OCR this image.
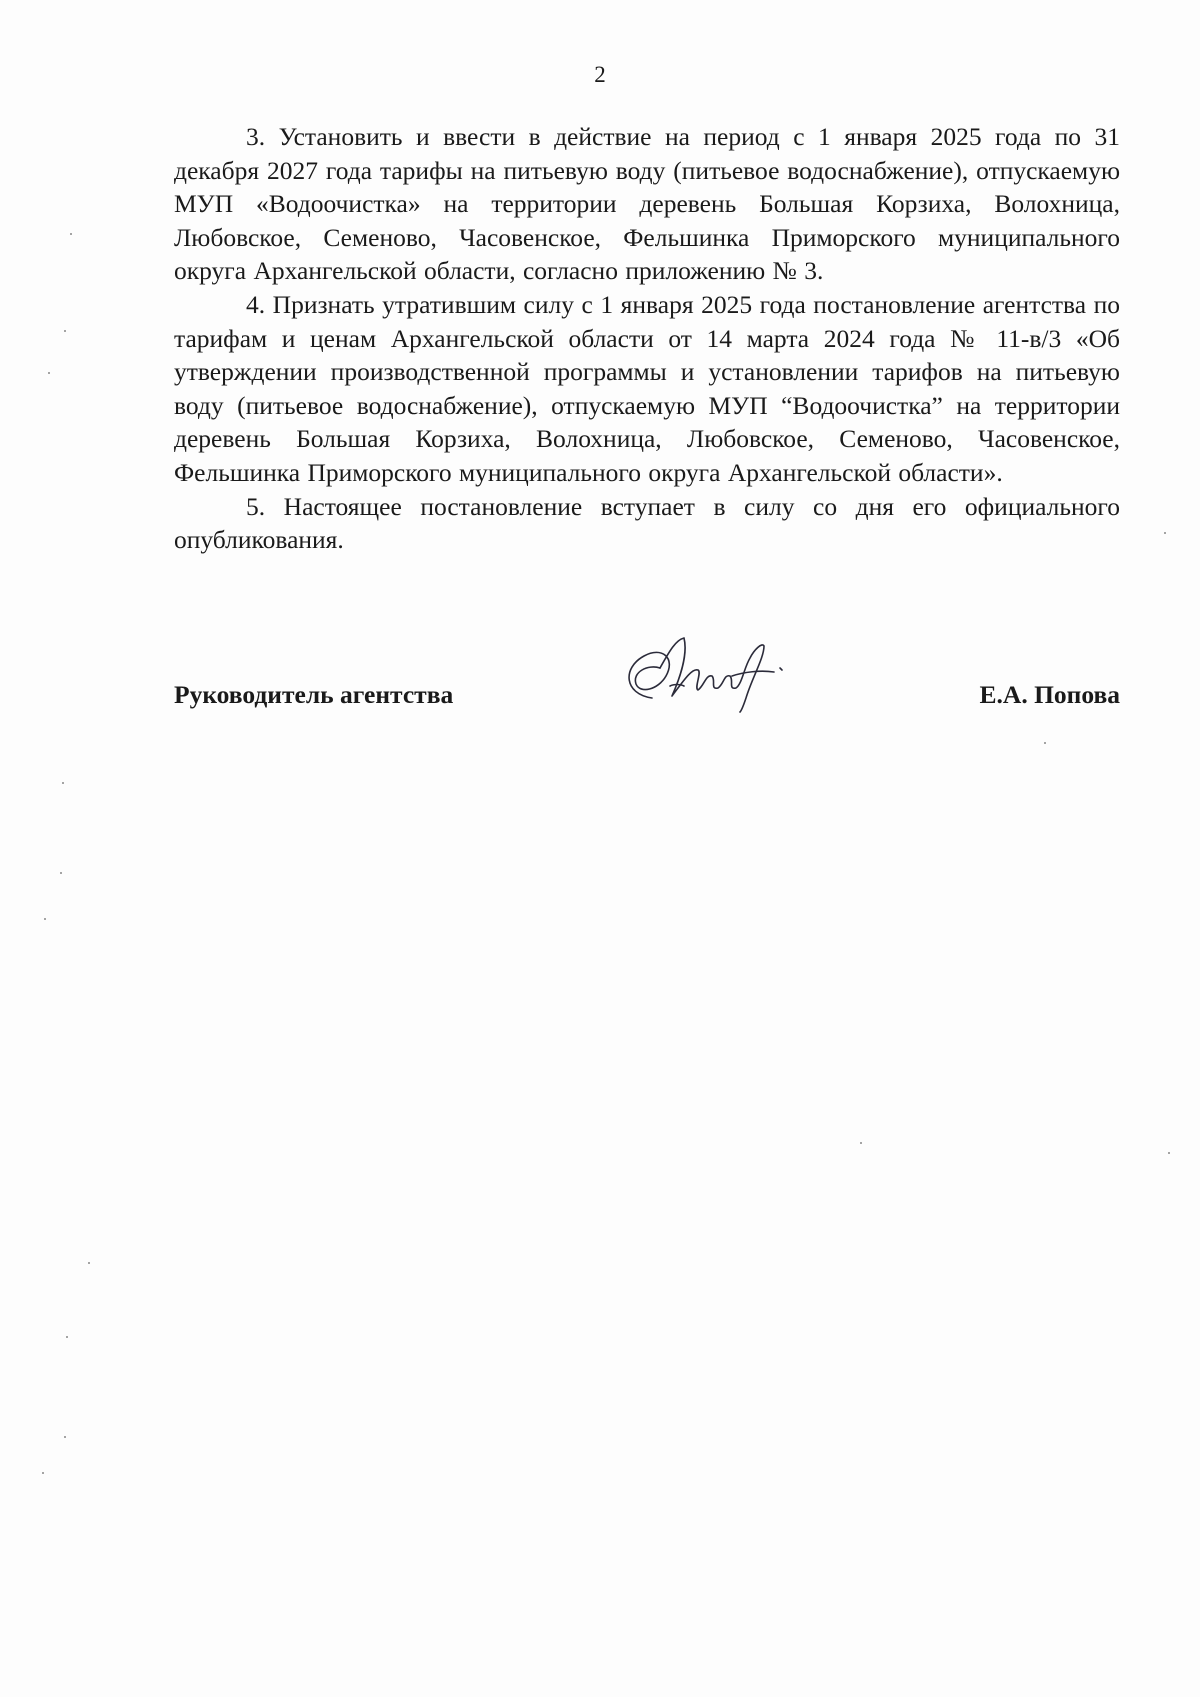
2

3. Установить и ввести в действие на период с 1 января 2025 года по 31 декабря 2027 года тарифы на питьевую воду (питьевое водоснабжение), отпускаемую МУП «Водоочистка» на территории деревень Большая Корзиха, Волохница, Любовское, Семеново, Часовенское, Фельшинка Приморского муниципального округа Архангельской области, согласно приложению № 3.

4. Признать утратившим силу с 1 января 2025 года постановление агентства по тарифам и ценам Архангельской области от 14 марта 2024 года № 11-в/3 «Об утверждении производственной программы и установлении тарифов на питьевую воду (питьевое водоснабжение), отпускаемую МУП “Водоочистка” на территории деревень Большая Корзиха, Волохница, Любовское, Семеново, Часовенское, Фельшинка Приморского муниципального округа Архангельской области».

5. Настоящее постановление вступает в силу со дня его официального опубликования.

Руководитель агентства	Е.А. Попова
